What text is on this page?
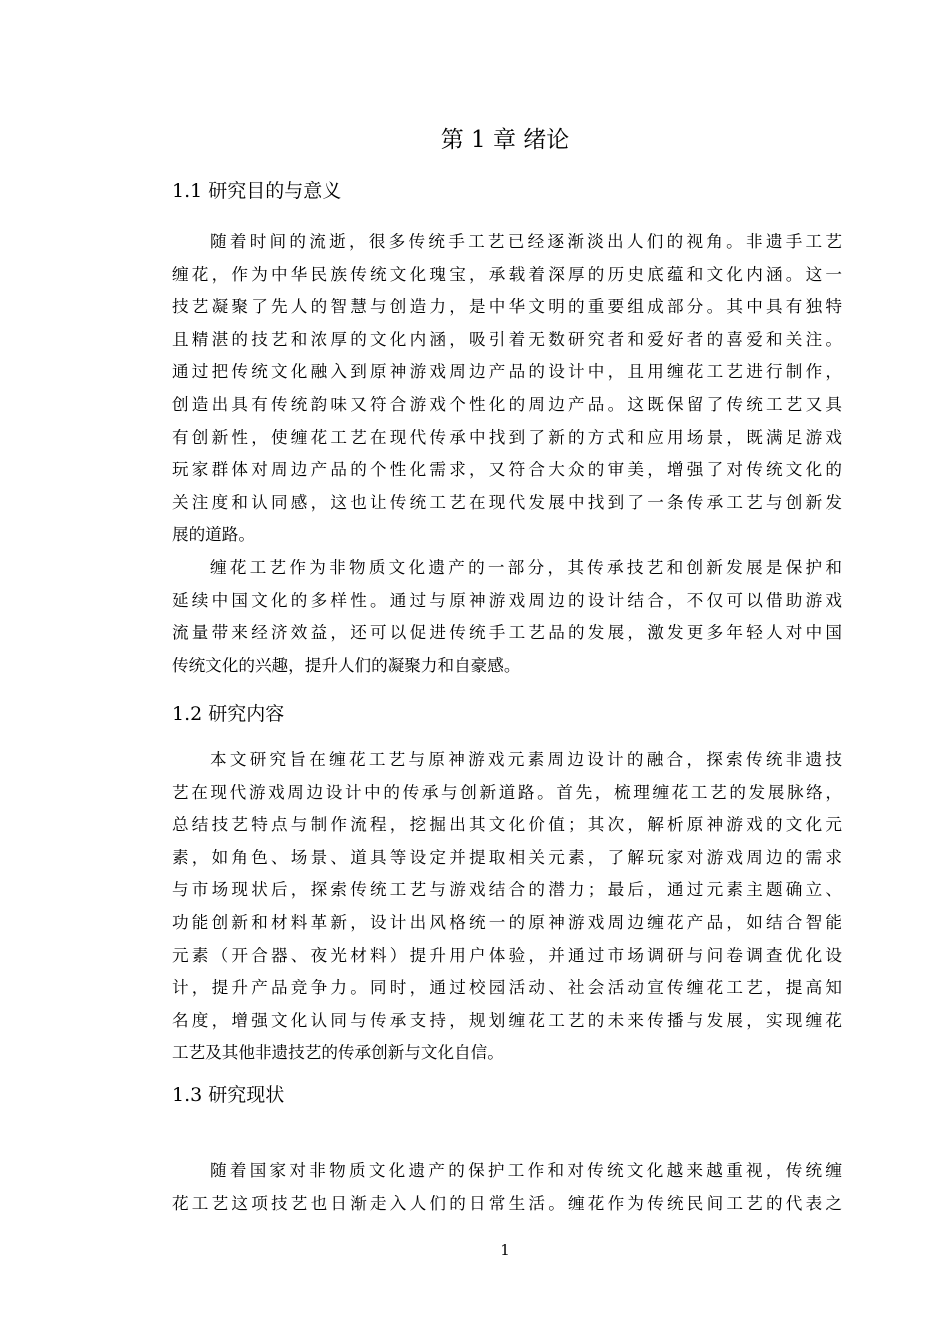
第 1 章 绪论
1.1 研究目的与意义

随着时间的流逝，很多传统手工艺已经逐渐淡出人们的视角。非遗手工艺
缠花，作为中华民族传统文化瑰宝，承载着深厚的历史底蕴和文化内涵。这一
技艺凝聚了先人的智慧与创造力，是中华文明的重要组成部分。其中具有独特
且精湛的技艺和浓厚的文化内涵，吸引着无数研究者和爱好者的喜爱和关注。
通过把传统文化融入到原神游戏周边产品的设计中，且用缠花工艺进行制作，
创造出具有传统韵味又符合游戏个性化的周边产品。这既保留了传统工艺又具
有创新性，使缠花工艺在现代传承中找到了新的方式和应用场景，既满足游戏
玩家群体对周边产品的个性化需求，又符合大众的审美，增强了对传统文化的
关注度和认同感，这也让传统工艺在现代发展中找到了一条传承工艺与创新发
展的道路。

缠花工艺作为非物质文化遗产的一部分，其传承技艺和创新发展是保护和
延续中国文化的多样性。通过与原神游戏周边的设计结合，不仅可以借助游戏
流量带来经济效益，还可以促进传统手工艺品的发展，激发更多年轻人对中国
传统文化的兴趣，提升人们的凝聚力和自豪感。

1.2 研究内容

本文研究旨在缠花工艺与原神游戏元素周边设计的融合，探索传统非遗技
艺在现代游戏周边设计中的传承与创新道路。首先，梳理缠花工艺的发展脉络，
总结技艺特点与制作流程，挖掘出其文化价值；其次，解析原神游戏的文化元
素，如角色、场景、道具等设定并提取相关元素，了解玩家对游戏周边的需求
与市场现状后，探索传统工艺与游戏结合的潜力；最后，通过元素主题确立、
功能创新和材料革新，设计出风格统一的原神游戏周边缠花产品，如结合智能
元素（开合器、夜光材料）提升用户体验，并通过市场调研与问卷调查优化设
计，提升产品竞争力。同时，通过校园活动、社会活动宣传缠花工艺，提高知
名度，增强文化认同与传承支持，规划缠花工艺的未来传播与发展，实现缠花
工艺及其他非遗技艺的传承创新与文化自信。

1.3 研究现状

随着国家对非物质文化遗产的保护工作和对传统文化越来越重视，传统缠
花工艺这项技艺也日渐走入人们的日常生活。缠花作为传统民间工艺的代表之

1
